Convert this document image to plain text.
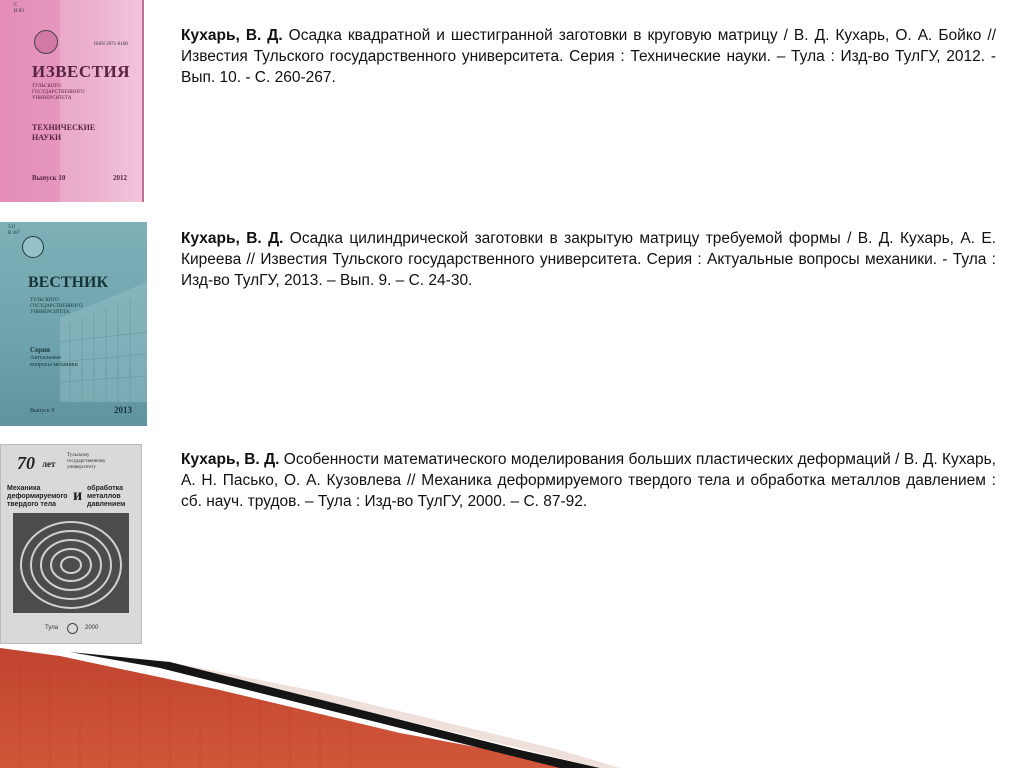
С
И 83
ISSN 2071-6168
ИЗВЕСТИЯ
ТУЛЬСКОГО
ГОСУДАРСТВЕННОГО
УНИВЕРСИТЕТА
ТЕХНИЧЕСКИЕ
НАУКИ
Выпуск 10	2012
531
В 387
ВЕСТНИК
ТУЛЬСКОГО
ГОСУДАРСТВЕННОГО
УНИВЕРСИТЕТА
Серия
Актуальные
вопросы механики
Выпуск 9	2013
70 лет
Тульскому
государственному
университету
Механика
деформируемого
твердого тела
и обработка
металлов
давлением
Тула	2000
Кухарь, В. Д. Осадка квадратной и шестигранной заготовки в круговую матрицу / В. Д. Кухарь, О. А. Бойко // Известия Тульского государственного университета. Серия : Технические науки. – Тула : Изд-во ТулГУ, 2012. - Вып. 10. - С. 260-267.
Кухарь, В. Д. Осадка цилиндрической заготовки в закрытую матрицу требуемой формы / В. Д. Кухарь, А. Е. Киреева // Известия Тульского государственного университета. Серия : Актуальные вопросы механики. - Тула : Изд-во ТулГУ, 2013. – Вып. 9. – С. 24-30.
Кухарь, В. Д. Особенности математического моделирования больших пластических деформаций / В. Д. Кухарь, А. Н. Пасько, О. А. Кузовлева // Механика деформируемого твердого тела и обработка металлов давлением : сб. науч. трудов. – Тула : Изд-во ТулГУ, 2000. – С. 87-92.
